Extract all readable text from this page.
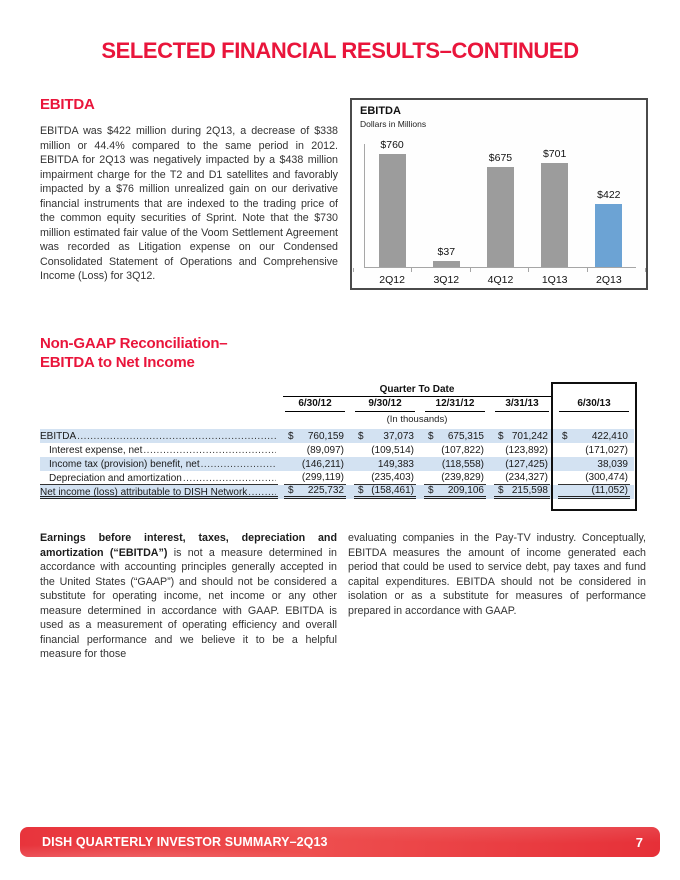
SELECTED FINANCIAL RESULTS–CONTINUED
EBITDA
EBITDA was $422 million during 2Q13, a decrease of $338 million or 44.4% compared to the same period in 2012. EBITDA for 2Q13 was negatively impacted by a $438 million impairment charge for the T2 and D1 satellites and favorably impacted by a $76 million unrealized gain on our derivative financial instruments that are indexed to the trading price of the common equity securities of Sprint. Note that the $730 million estimated fair value of the Voom Settlement Agreement was recorded as Litigation expense on our Condensed Consolidated Statement of Operations and Comprehensive Income (Loss) for 3Q12.
EBITDA
Dollars in Millions
$760
$37
$675	$701
$422
2Q12	3Q12	4Q12	1Q13	2Q13
Non-GAAP Reconciliation–
EBITDA to Net Income
Quarter To Date
6/30/12	9/30/12	12/31/12	3/31/13	6/30/13
(In thousands)
EBITDA .....	$ 760,159 $ 37,073 $ 675,315 $ 701,242 $ 422,410
Interest expense, net .....	(89,097)	(109,514)	(107,822) (123,892)	(171,027)
Income tax (provision) benefit, net .....	(146,211)	149,383	(118,558) (127,425)	38,039
Depreciation and amortization .....	(299,119)	(235,403)	(239,829) (234,327)	(300,474)
Net income (loss) attributable to DISH Network .....	$ 225,732 $ (158,461) $ 209,106 $ 215,598	(11,052)
Earnings before interest, taxes, depreciation and amortization (“EBITDA”) is not a measure determined in accordance with accounting principles generally accepted in the United States (“GAAP”) and should not be considered a substitute for operating income, net income or any other measure determined in accordance with GAAP. EBITDA is used as a measurement of operating efficiency and overall financial performance and we believe it to be a helpful measure for those
evaluating companies in the Pay-TV industry. Conceptually, EBITDA measures the amount of income generated each period that could be used to service debt, pay taxes and fund capital expenditures. EBITDA should not be considered in isolation or as a substitute for measures of performance prepared in accordance with GAAP.
DISH QUARTERLY INVESTOR SUMMARY–2Q13	7
